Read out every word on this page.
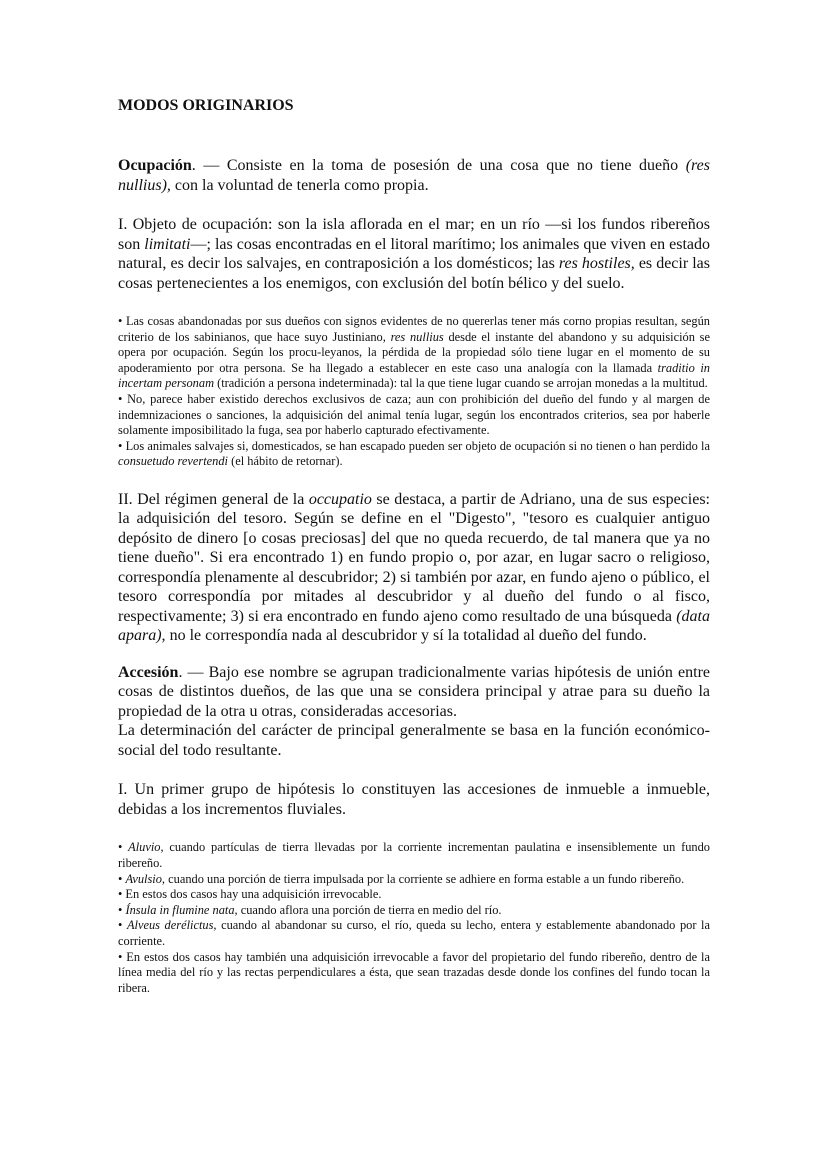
MODOS ORIGINARIOS

Ocupación. — Consiste en la toma de posesión de una cosa que no tiene dueño (res nullius), con la voluntad de tenerla como propia.

I. Objeto de ocupación: son la isla aflorada en el mar; en un río —si los fundos ribereños son limitati—; las cosas encontradas en el litoral marítimo; los animales que viven en estado natural, es decir los salvajes, en contraposición a los domésticos; las res hostiles, es decir las cosas pertenecientes a los enemigos, con exclusión del botín bélico y del suelo.

• Las cosas abandonadas por sus dueños con signos evidentes de no quererlas tener más corno propias resultan, según criterio de los sabinianos, que hace suyo Justiniano, res nullius desde el instante del abandono y su adquisición se opera por ocupación. Según los procu-leyanos, la pérdida de la propiedad sólo tiene lugar en el momento de su apoderamiento por otra persona. Se ha llegado a establecer en este caso una analogía con la llamada traditio in incertam personam (tradición a persona indeterminada): tal la que tiene lugar cuando se arrojan monedas a la multitud.

• No, parece haber existido derechos exclusivos de caza; aun con prohibición del dueño del fundo y al margen de indemnizaciones o sanciones, la adquisición del animal tenía lugar, según los encontrados criterios, sea por haberle solamente imposibilitado la fuga, sea por haberlo capturado efectivamente.

• Los animales salvajes si, domesticados, se han escapado pueden ser objeto de ocupación si no tienen o han perdido la consuetudo revertendi (el hábito de retornar).

II. Del régimen general de la occupatio se destaca, a partir de Adriano, una de sus especies: la adquisición del tesoro. Según se define en el "Digesto", "tesoro es cualquier antiguo depósito de dinero [o cosas preciosas] del que no queda recuerdo, de tal manera que ya no tiene dueño". Si era encontrado 1) en fundo propio o, por azar, en lugar sacro o religioso, correspondía plenamente al descubridor; 2) si también por azar, en fundo ajeno o público, el tesoro correspondía por mitades al descubridor y al dueño del fundo o al fisco, respectivamente; 3) si era encontrado en fundo ajeno como resultado de una búsqueda (data apara), no le correspondía nada al descubridor y sí la totalidad al dueño del fundo.

Accesión. — Bajo ese nombre se agrupan tradicionalmente varias hipótesis de unión entre cosas de distintos dueños, de las que una se considera principal y atrae para su dueño la propiedad de la otra u otras, consideradas accesorias.

La determinación del carácter de principal generalmente se basa en la función económico-social del todo resultante.

I. Un primer grupo de hipótesis lo constituyen las accesiones de inmueble a inmueble, debidas a los incrementos fluviales.

• Aluvio, cuando partículas de tierra llevadas por la corriente incrementan paulatina e insensiblemente un fundo ribereño.

• Avulsio, cuando una porción de tierra impulsada por la corriente se adhiere en forma estable a un fundo ribereño.

• En estos dos casos hay una adquisición irrevocable.

• Ínsula in flumine nata, cuando aflora una porción de tierra en medio del río.

• Alveus derélictus, cuando al abandonar su curso, el río, queda su lecho, entera y establemente abandonado por la corriente.

• En estos dos casos hay también una adquisición irrevocable a favor del propietario del fundo ribereño, dentro de la línea media del río y las rectas perpendiculares a ésta, que sean trazadas desde donde los confines del fundo tocan la ribera.
